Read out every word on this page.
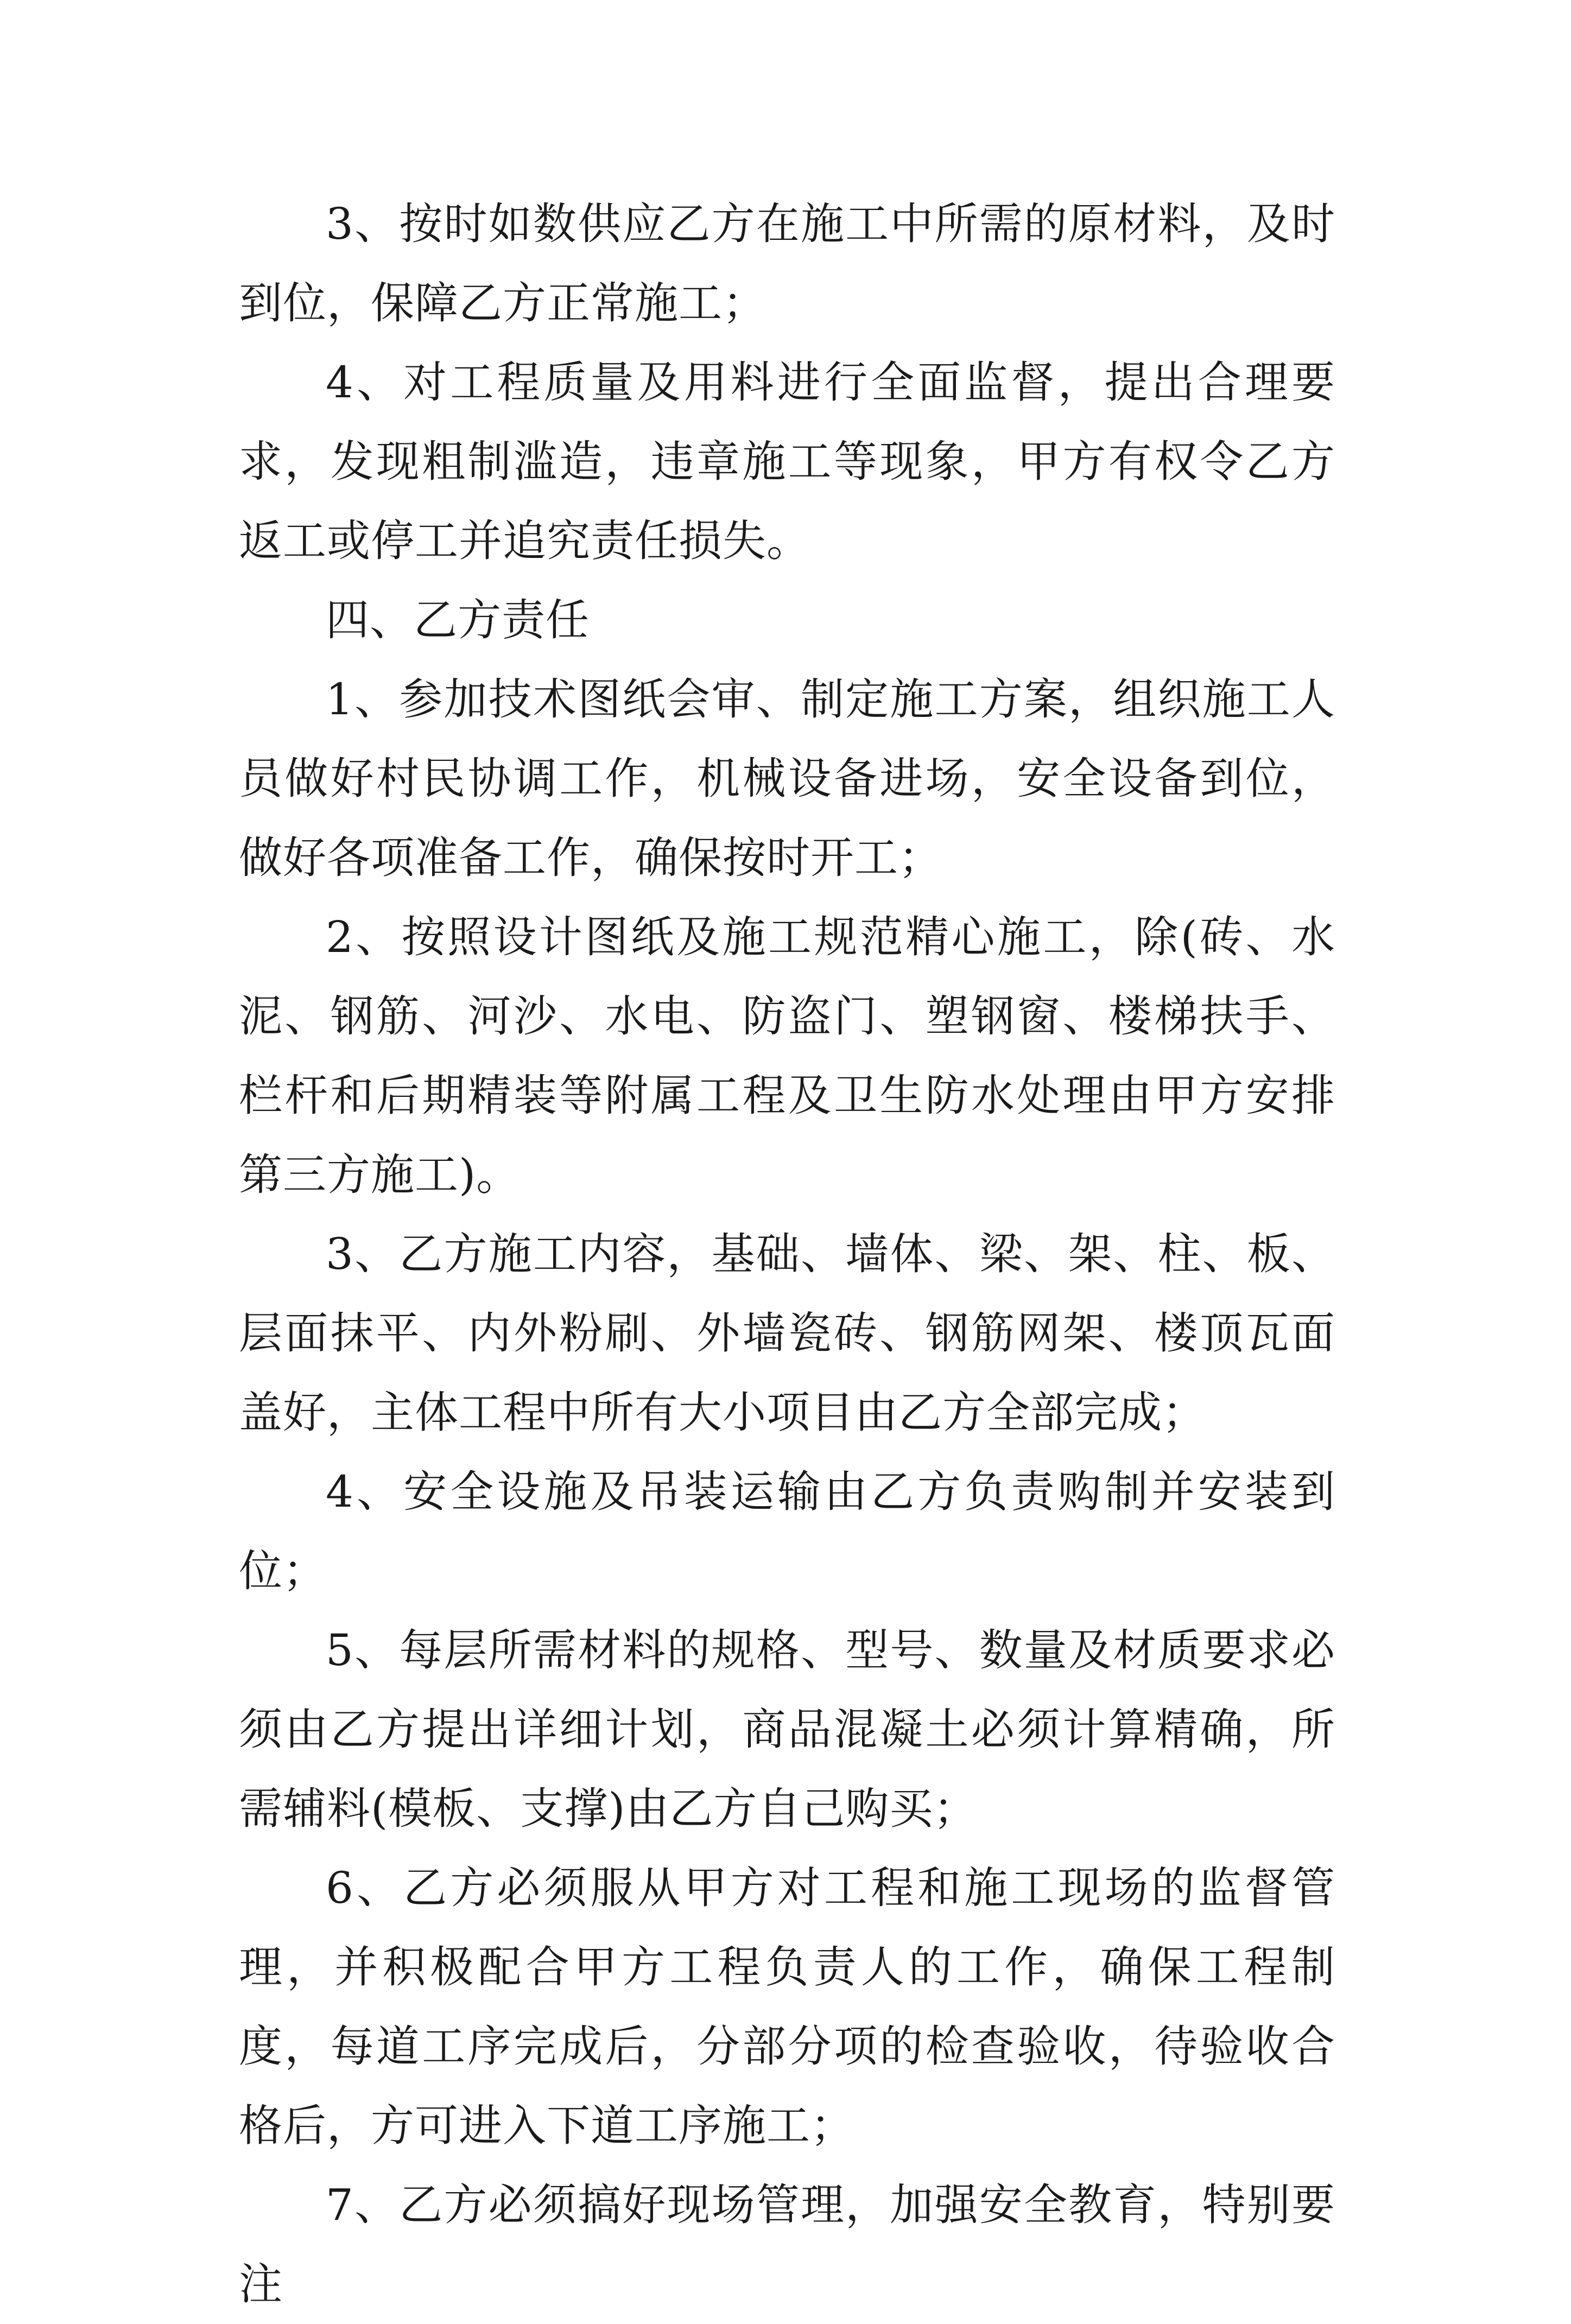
3、按时如数供应乙方在施工中所需的原材料，及时到位，保障乙方正常施工；

4、对工程质量及用料进行全面监督，提出合理要求，发现粗制滥造，违章施工等现象，甲方有权令乙方返工或停工并追究责任损失。

四、乙方责任

1、参加技术图纸会审、制定施工方案，组织施工人员做好村民协调工作，机械设备进场，安全设备到位，做好各项准备工作，确保按时开工；

2、按照设计图纸及施工规范精心施工，除(砖、水泥、钢筋、河沙、水电、防盗门、塑钢窗、楼梯扶手、栏杆和后期精装等附属工程及卫生防水处理由甲方安排第三方施工)。

3、乙方施工内容，基础、墙体、梁、架、柱、板、层面抹平、内外粉刷、外墙瓷砖、钢筋网架、楼顶瓦面盖好，主体工程中所有大小项目由乙方全部完成；

4、安全设施及吊装运输由乙方负责购制并安装到位；

5、每层所需材料的规格、型号、数量及材质要求必须由乙方提出详细计划，商品混凝土必须计算精确，所需辅料(模板、支撑)由乙方自己购买；

6、乙方必须服从甲方对工程和施工现场的监督管理，并积极配合甲方工程负责人的工作，确保工程制度，每道工序完成后，分部分项的检查验收，待验收合格后，方可进入下道工序施工；

7、乙方必须搞好现场管理，加强安全教育，特别要注
